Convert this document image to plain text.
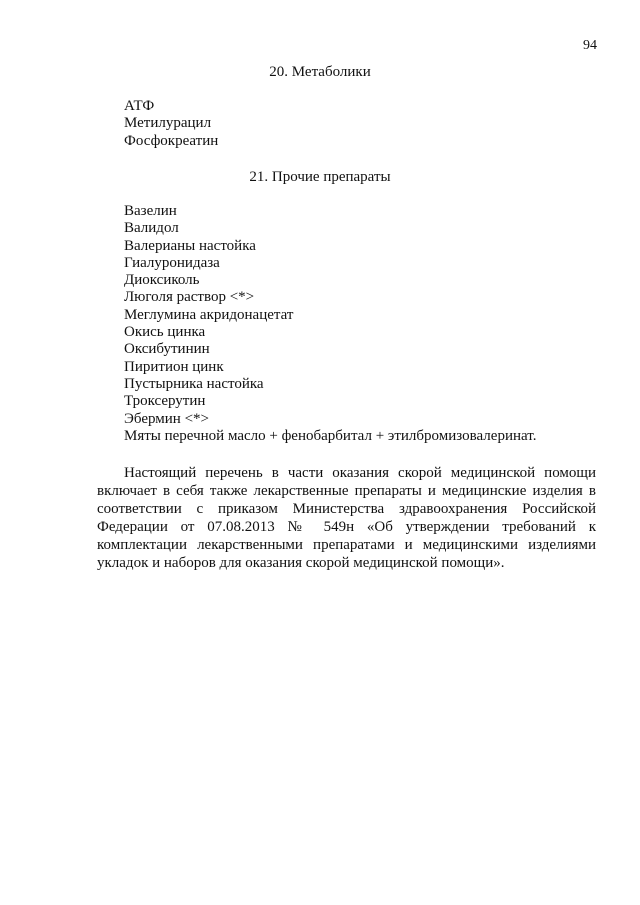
94
20. Метаболики
АТФ
Метилурацил
Фосфокреатин
21. Прочие препараты
Вазелин
Валидол
Валерианы настойка
Гиалуронидаза
Диоксиколь
Люголя раствор <*>
Меглумина акридонацетат
Окись цинка
Оксибутинин
Пиритион цинк
Пустырника настойка
Троксерутин
Эбермин <*>
Мяты перечной масло + фенобарбитал + этилбромизовалеринат.

Настоящий перечень в части оказания скорой медицинской помощи включает в себя также лекарственные препараты и медицинские изделия в соответствии с приказом Министерства здравоохранения Российской Федерации от 07.08.2013 № 549н «Об утверждении требований к комплектации лекарственными препаратами и медицинскими изделиями укладок и наборов для оказания скорой медицинской помощи».
